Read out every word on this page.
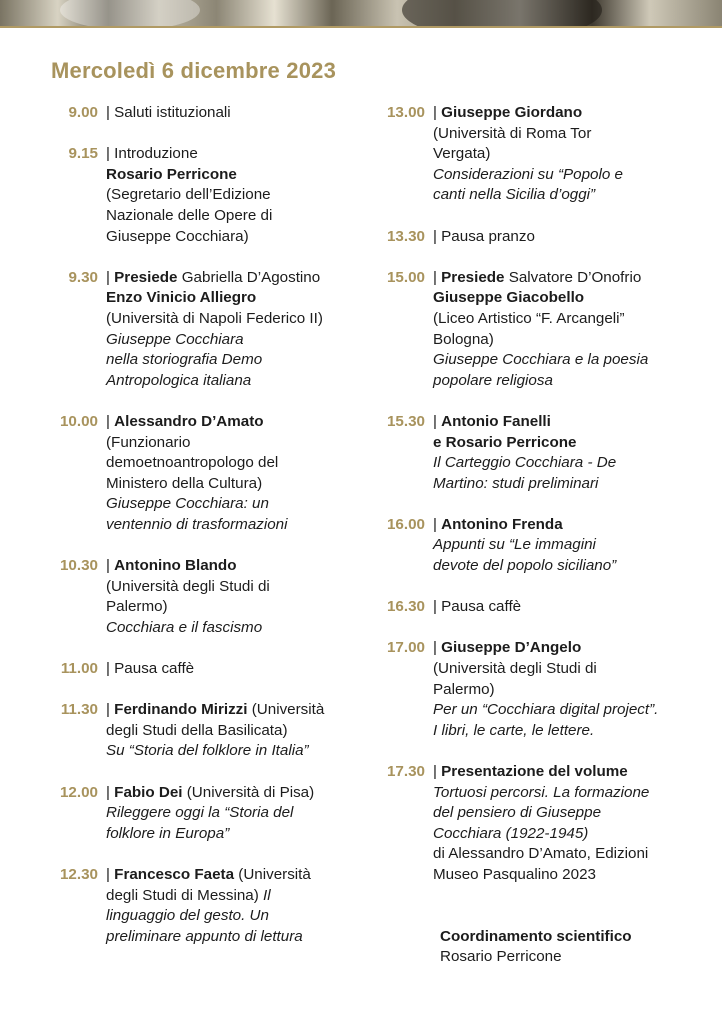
Mercoledì 6 dicembre 2023
9.00 | Saluti istituzionali
9.15 | Introduzione
Rosario Perricone
(Segretario dell’Edizione
Nazionale delle Opere di
Giuseppe Cocchiara)
9.30 | Presiede Gabriella D’Agostino
Enzo Vinicio Alliegro
(Università di Napoli Federico II)
Giuseppe Cocchiara
nella storiografia Demo
Antropologica italiana
10.00 | Alessandro D’Amato
(Funzionario
demoetnoantropologo del
Ministero della Cultura)
Giuseppe Cocchiara: un
ventennio di trasformazioni
10.30 | Antonino Blando
(Università degli Studi di
Palermo)
Cocchiara e il fascismo
11.00 | Pausa caffè
11.30 | Ferdinando Mirizzi (Università
degli Studi della Basilicata)
Su “Storia del folklore in Italia”
12.00 | Fabio Dei (Università di Pisa)
Rileggere oggi la “Storia del
folklore in Europa”
12.30 | Francesco Faeta (Università
degli Studi di Messina) Il
linguaggio del gesto. Un
preliminare appunto di lettura
13.00 | Giuseppe Giordano
(Università di Roma Tor
Vergata)
Considerazioni su “Popolo e
canti nella Sicilia d’oggi”
13.30 | Pausa pranzo
15.00 | Presiede Salvatore D’Onofrio
Giuseppe Giacobello
(Liceo Artistico “F. Arcangeli”
Bologna)
Giuseppe Cocchiara e la poesia
popolare religiosa
15.30 | Antonio Fanelli
e Rosario Perricone
Il Carteggio Cocchiara - De
Martino: studi preliminari
16.00 | Antonino Frenda
Appunti su “Le immagini
devote del popolo siciliano”
16.30 | Pausa caffè
17.00 | Giuseppe D’Angelo
(Università degli Studi di
Palermo)
Per un “Cocchiara digital project”.
I libri, le carte, le lettere.
17.30 | Presentazione del volume
Tortuosi percorsi. La formazione
del pensiero di Giuseppe
Cocchiara (1922-1945)
di Alessandro D’Amato, Edizioni
Museo Pasqualino 2023
Coordinamento scientifico
Rosario Perricone
